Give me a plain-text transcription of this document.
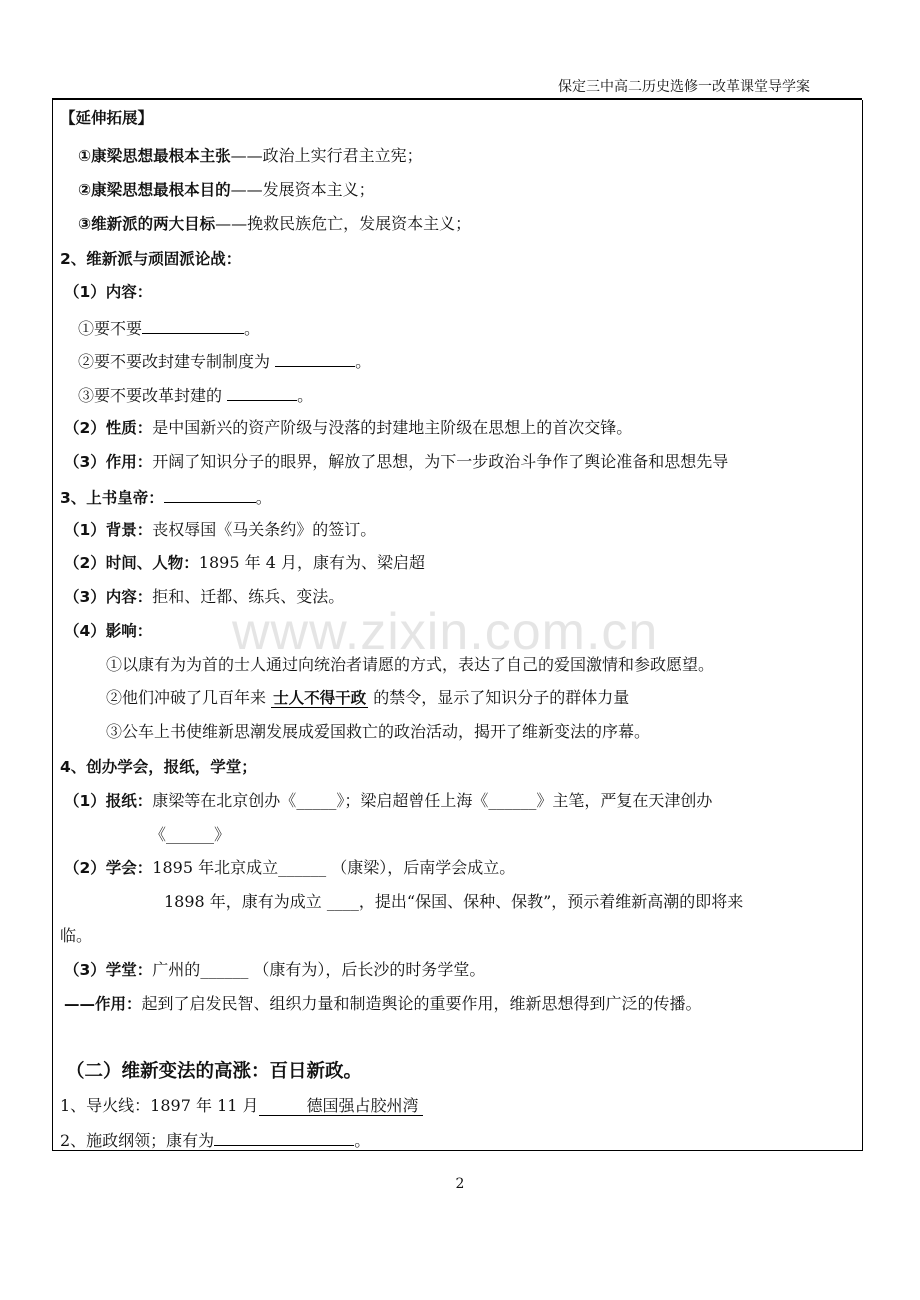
保定三中高二历史选修一改革课堂导学案
www.zixin.com.cn
【延伸拓展】
①康梁思想最根本主张——政治上实行君主立宪；
②康梁思想最根本目的——发展资本主义；
③维新派的两大目标——挽救民族危亡，发展资本主义；
2、维新派与顽固派论战：
（1）内容：
①要不要	。
②要不要改封建专制制度为	。
③要不要改革封建的	。
（2）性质：是中国新兴的资产阶级与没落的封建地主阶级在思想上的首次交锋。
（3）作用：开阔了知识分子的眼界，解放了思想，为下一步政治斗争作了舆论准备和思想先导
3、上书皇帝：	。
（1）背景：丧权辱国《马关条约》的签订。
（2）时间、人物：1895 年 4 月，康有为、梁启超
（3）内容：拒和、迁都、练兵、变法。
（4）影响：
①以康有为为首的士人通过向统治者请愿的方式，表达了自己的爱国激情和参政愿望。
②他们冲破了几百年来 士人不得干政 的禁令，显示了知识分子的群体力量
③公车上书使维新思潮发展成爱国救亡的政治活动，揭开了维新变法的序幕。
4、创办学会，报纸，学堂；
（1）报纸：康梁等在北京创办《_____》；梁启超曾任上海《______》主笔，严复在天津创办
《______》
（2）学会：1895 年北京成立______ （康梁），后南学会成立。
1898 年，康有为成立 ____，提出“保国、保种、保教”，预示着维新高潮的即将来
临。
（3）学堂：广州的______ （康有为），后长沙的时务学堂。
——作用：起到了启发民智、组织力量和制造舆论的重要作用，维新思想得到广泛的传播。
（二）维新变法的高涨：百日新政。
1、导火线：1897 年 11 月	德国强占胶州湾
2、施政纲领；康有为	。
2
